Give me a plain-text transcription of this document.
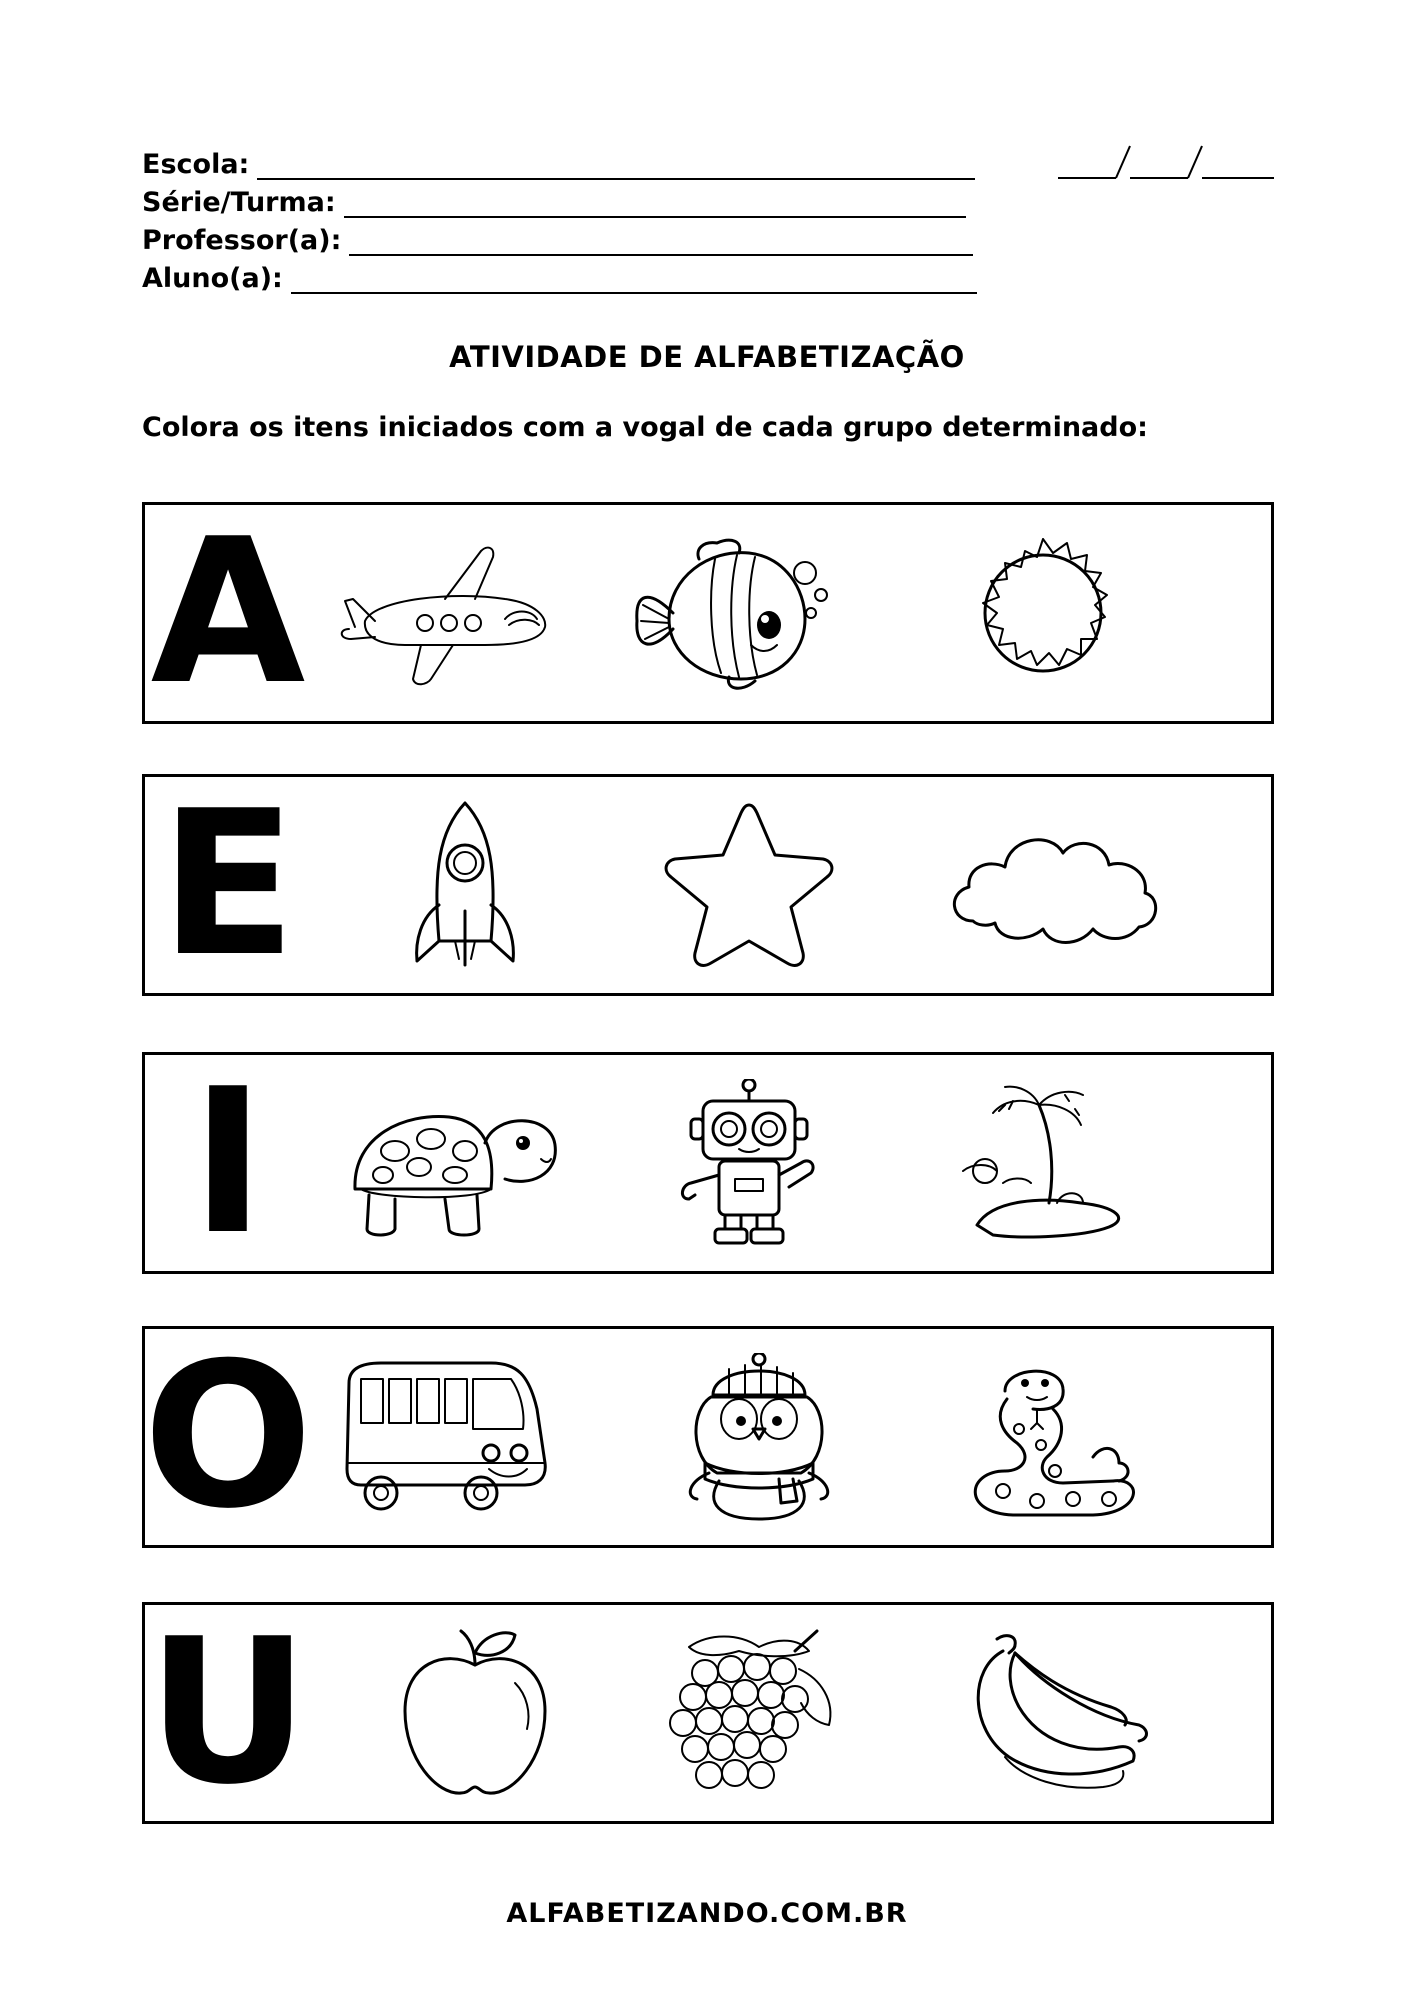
Escola:
Série/Turma:
Professor(a):
Aluno(a):
ATIVIDADE DE ALFABETIZAÇÃO
Colora os itens iniciados com a vogal de cada grupo determinado:
A
E
I
O
U
ALFABETIZANDO.COM.BR
